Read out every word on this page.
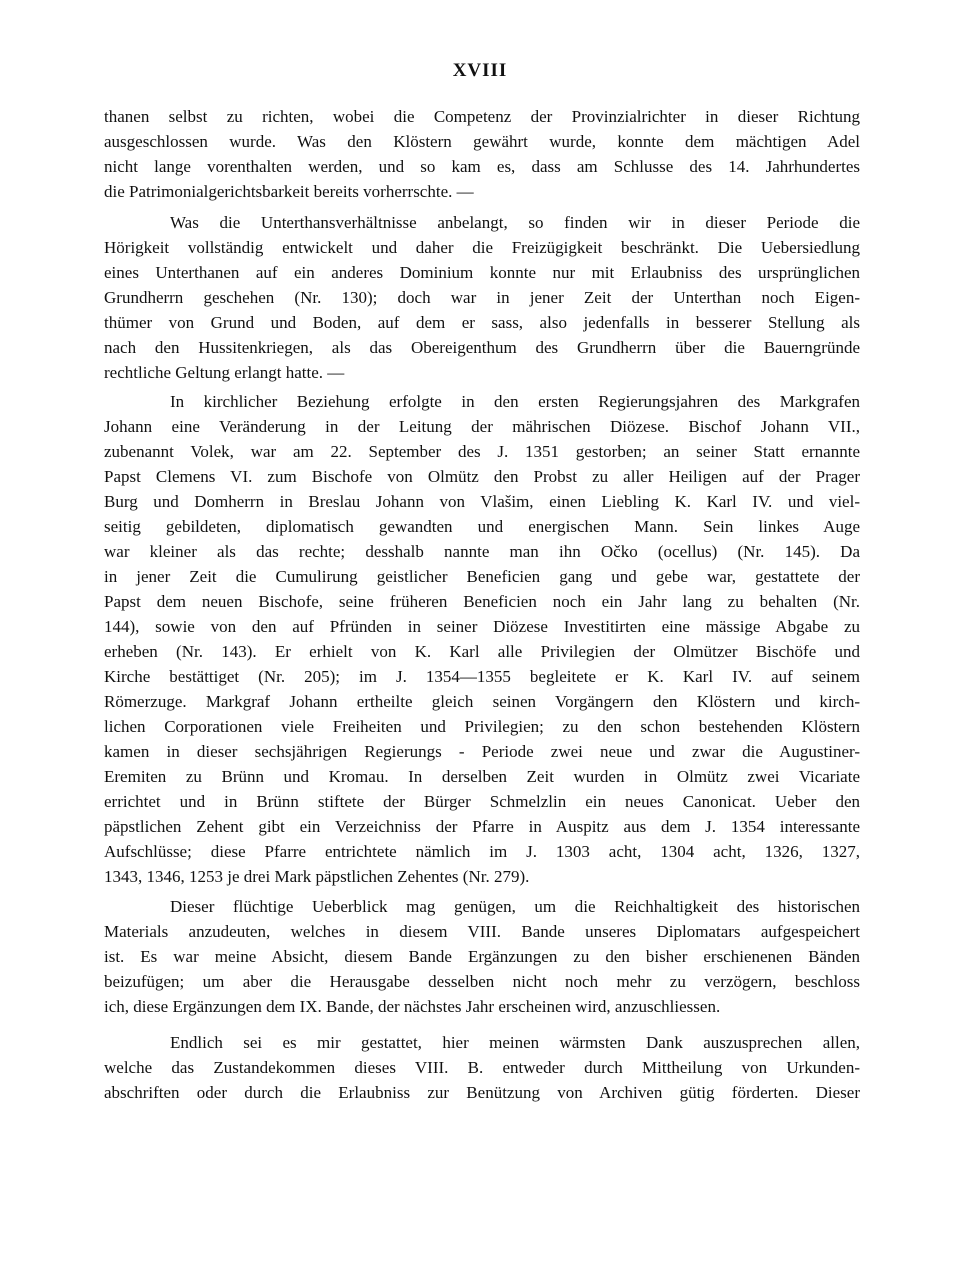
XVIII
thanen selbst zu richten, wobei die Competenz der Provinzialrichter in dieser Richtung
ausgeschlossen wurde. Was den Klöstern gewährt wurde, konnte dem mächtigen Adel
nicht lange vorenthalten werden, und so kam es, dass am Schlusse des 14. Jahrhundertes
die Patrimonialgerichtsbarkeit bereits vorherrschte. —
Was die Unterthansverhältnisse anbelangt, so finden wir in dieser Periode die
Hörigkeit vollständig entwickelt und daher die Freizügigkeit beschränkt. Die Uebersiedlung
eines Unterthanen auf ein anderes Dominium konnte nur mit Erlaubniss des ursprünglichen
Grundherrn geschehen (Nr. 130); doch war in jener Zeit der Unterthan noch Eigen-
thümer von Grund und Boden, auf dem er sass, also jedenfalls in besserer Stellung als
nach den Hussitenkriegen, als das Obereigenthum des Grundherrn über die Bauerngründe
rechtliche Geltung erlangt hatte. —
In kirchlicher Beziehung erfolgte in den ersten Regierungsjahren des Markgrafen
Johann eine Veränderung in der Leitung der mährischen Diözese. Bischof Johann VII.,
zubenannt Volek, war am 22. September des J. 1351 gestorben; an seiner Statt ernannte
Papst Clemens VI. zum Bischofe von Olmütz den Probst zu aller Heiligen auf der Prager
Burg und Domherrn in Breslau Johann von Vlašim, einen Liebling K. Karl IV. und viel-
seitig gebildeten, diplomatisch gewandten und energischen Mann. Sein linkes Auge
war kleiner als das rechte; desshalb nannte man ihn Očko (ocellus) (Nr. 145). Da
in jener Zeit die Cumulirung geistlicher Beneficien gang und gebe war, gestattete der
Papst dem neuen Bischofe, seine früheren Beneficien noch ein Jahr lang zu behalten (Nr.
144), sowie von den auf Pfründen in seiner Diözese Investitirten eine mässige Abgabe zu
erheben (Nr. 143). Er erhielt von K. Karl alle Privilegien der Olmützer Bischöfe und
Kirche bestättiget (Nr. 205); im J. 1354—1355 begleitete er K. Karl IV. auf seinem
Römerzuge. Markgraf Johann ertheilte gleich seinen Vorgängern den Klöstern und kirch-
lichen Corporationen viele Freiheiten und Privilegien; zu den schon bestehenden Klöstern
kamen in dieser sechsjährigen Regierungs - Periode zwei neue und zwar die Augustiner-
Eremiten zu Brünn und Kromau. In derselben Zeit wurden in Olmütz zwei Vicariate
errichtet und in Brünn stiftete der Bürger Schmelzlin ein neues Canonicat. Ueber den
päpstlichen Zehent gibt ein Verzeichniss der Pfarre in Auspitz aus dem J. 1354 interessante
Aufschlüsse; diese Pfarre entrichtete nämlich im J. 1303 acht, 1304 acht, 1326, 1327,
1343, 1346, 1253 je drei Mark päpstlichen Zehentes (Nr. 279).
Dieser flüchtige Ueberblick mag genügen, um die Reichhaltigkeit des historischen
Materials anzudeuten, welches in diesem VIII. Bande unseres Diplomatars aufgespeichert
ist. Es war meine Absicht, diesem Bande Ergänzungen zu den bisher erschienenen Bänden
beizufügen; um aber die Herausgabe desselben nicht noch mehr zu verzögern, beschloss
ich, diese Ergänzungen dem IX. Bande, der nächstes Jahr erscheinen wird, anzuschliessen.
Endlich sei es mir gestattet, hier meinen wärmsten Dank auszusprechen allen,
welche das Zustandekommen dieses VIII. B. entweder durch Mittheilung von Urkunden-
abschriften oder durch die Erlaubniss zur Benützung von Archiven gütig förderten. Dieser
